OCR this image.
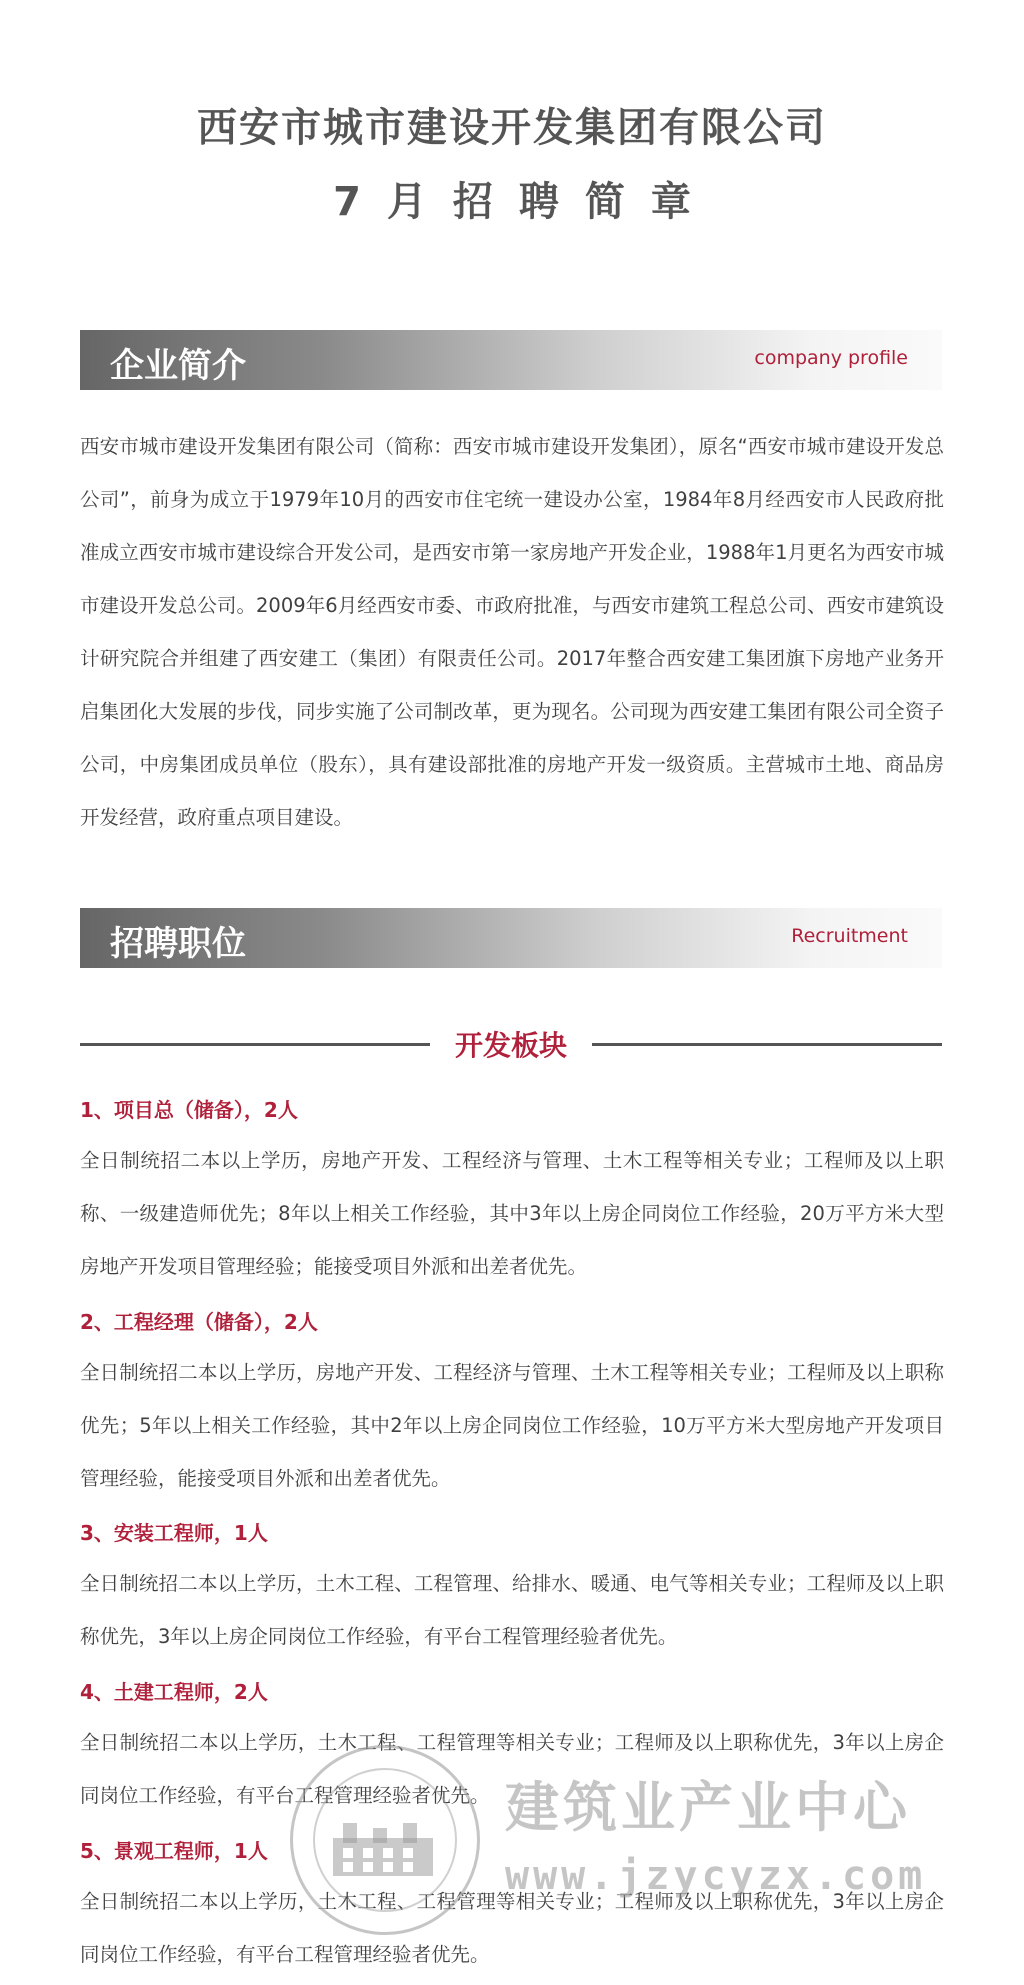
西安市城市建设开发集团有限公司
7月招聘简章
企业简介	company profile
西安市城市建设开发集团有限公司（简称：西安市城市建设开发集团），原名“西安市城市建设开发总公司”，前身为成立于1979年10月的西安市住宅统一建设办公室，1984年8月经西安市人民政府批准成立西安市城市建设综合开发公司，是西安市第一家房地产开发企业，1988年1月更名为西安市城市建设开发总公司。2009年6月经西安市委、市政府批准，与西安市建筑工程总公司、西安市建筑设计研究院合并组建了西安建工（集团）有限责任公司。2017年整合西安建工集团旗下房地产业务开启集团化大发展的步伐，同步实施了公司制改革，更为现名。公司现为西安建工集团有限公司全资子公司，中房集团成员单位（股东），具有建设部批准的房地产开发一级资质。主营城市土地、商品房开发经营，政府重点项目建设。
招聘职位	Recruitment
开发板块
1、项目总（储备），2人
全日制统招二本以上学历，房地产开发、工程经济与管理、土木工程等相关专业；工程师及以上职称、一级建造师优先；8年以上相关工作经验，其中3年以上房企同岗位工作经验，20万平方米大型房地产开发项目管理经验；能接受项目外派和出差者优先。
2、工程经理（储备），2人
全日制统招二本以上学历，房地产开发、工程经济与管理、土木工程等相关专业；工程师及以上职称优先；5年以上相关工作经验，其中2年以上房企同岗位工作经验，10万平方米大型房地产开发项目管理经验，能接受项目外派和出差者优先。
3、安装工程师，1人
全日制统招二本以上学历，土木工程、工程管理、给排水、暖通、电气等相关专业；工程师及以上职称优先，3年以上房企同岗位工作经验，有平台工程管理经验者优先。
4、土建工程师，2人
全日制统招二本以上学历，土木工程、工程管理等相关专业；工程师及以上职称优先，3年以上房企同岗位工作经验，有平台工程管理经验者优先。
5、景观工程师，1人
全日制统招二本以上学历，土木工程、工程管理等相关专业；工程师及以上职称优先，3年以上房企同岗位工作经验，有平台工程管理经验者优先。
建筑业产业中心
www.jzycyzx.com
